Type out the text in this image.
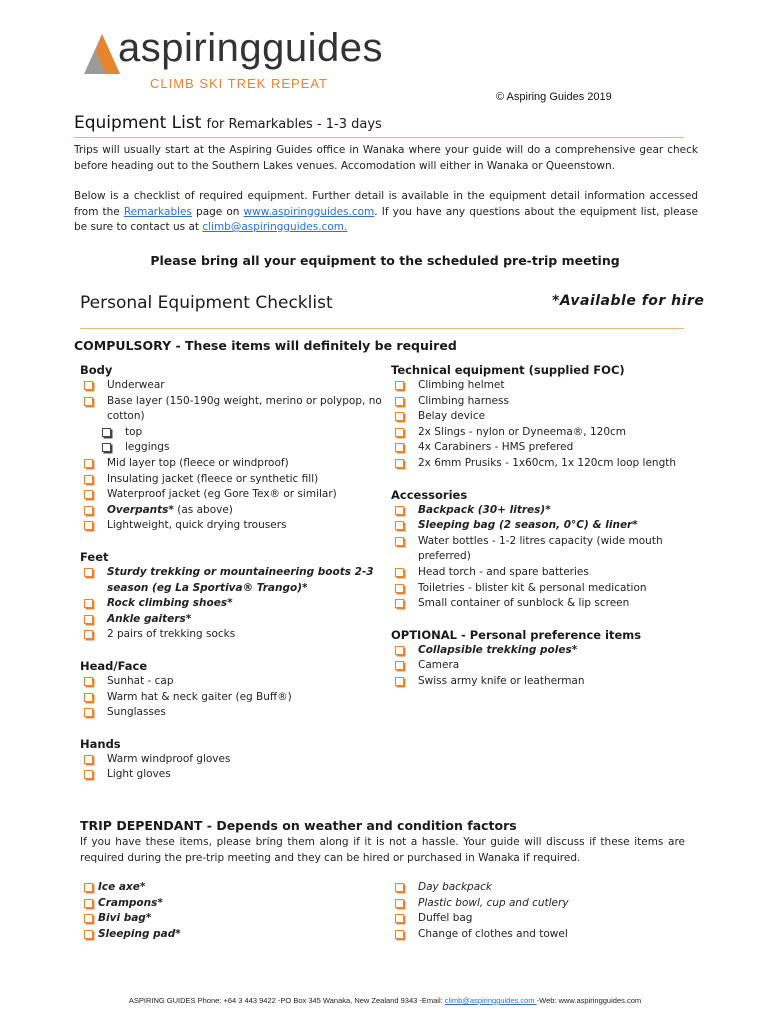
aspiringguides
CLIMB SKI TREK REPEAT
© Aspiring Guides 2019
Equipment List for Remarkables - 1-3 days
Trips will usually start at the Aspiring Guides office in Wanaka where your guide will do a comprehensive gear check before heading out to the Southern Lakes venues. Accomodation will either in Wanaka or Queenstown.
Below is a checklist of required equipment. Further detail is available in the equipment detail information accessed from the Remarkables page on www.aspiringguides.com. If you have any questions about the equipment list, please be sure to contact us at climb@aspiringguides.com.
Please bring all your equipment to the scheduled pre-trip meeting
Personal Equipment Checklist	*Available for hire
COMPULSORY - These items will definitely be required
Body
Underwear
Base layer (150-190g weight, merino or polypop, no
cotton)
top
leggings
Mid layer top (fleece or windproof)
Insulating jacket (fleece or synthetic fill)
Waterproof jacket (eg Gore Tex® or similar)
Overpants* (as above)
Lightweight, quick drying trousers
Feet
Sturdy trekking or mountaineering boots 2-3
season (eg La Sportiva® Trango)*
Rock climbing shoes*
Ankle gaiters*
2 pairs of trekking socks
Head/Face
Sunhat - cap
Warm hat & neck gaiter (eg Buff®)
Sunglasses
Hands
Warm windproof gloves
Light gloves
Technical equipment (supplied FOC)
Climbing helmet
Climbing harness
Belay device
2x Slings - nylon or Dyneema®, 120cm
4x Carabiners - HMS prefered
2x 6mm Prusiks - 1x60cm, 1x 120cm loop length
Accessories
Backpack (30+ litres)*
Sleeping bag (2 season, 0°C) & liner*
Water bottles - 1-2 litres capacity (wide mouth
preferred)
Head torch - and spare batteries
Toiletries - blister kit & personal medication
Small container of sunblock & lip screen
OPTIONAL - Personal preference items
Collapsible trekking poles*
Camera
Swiss army knife or leatherman
TRIP DEPENDANT - Depends on weather and condition factors
If you have these items, please bring them along if it is not a hassle. Your guide will discuss if these items are required during the pre-trip meeting and they can be hired or purchased in Wanaka if required.
Ice axe*
Crampons*
Bivi bag*
Sleeping pad*
Day backpack
Plastic bowl, cup and cutlery
Duffel bag
Change of clothes and towel
ASPIRING GUIDES Phone: +64 3 443 9422 -PO Box 345 Wanaka, New Zealand 9343 -Email: climb@aspiringguides.com -Web: www.aspiringguides.com
